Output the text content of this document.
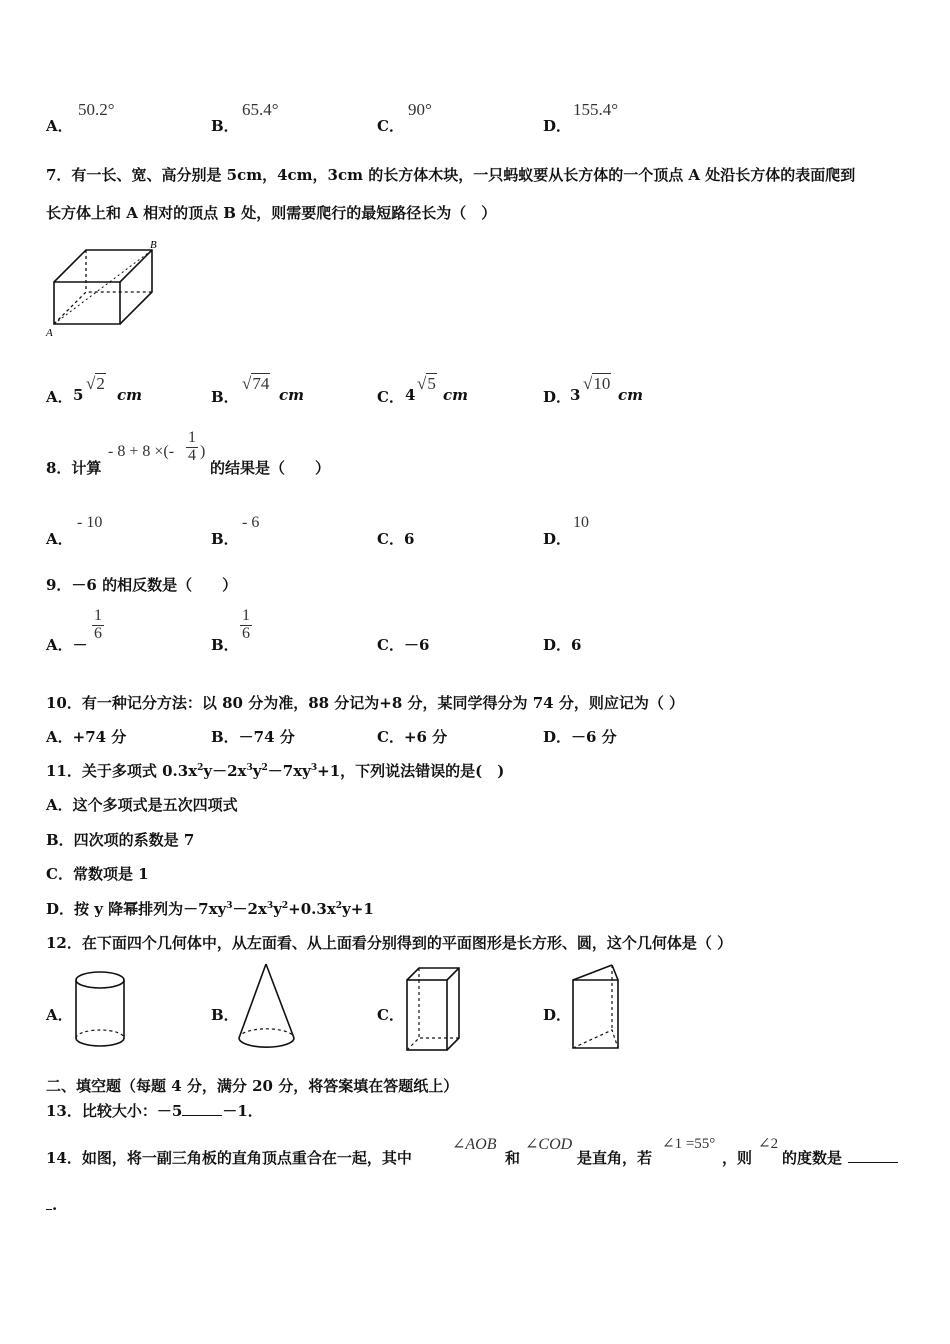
A．
50.2°
B．
65.4°
C．
90°
D．
155.4°
7．有一长、宽、高分别是 5cm，4cm，3cm 的长方体木块，一只蚂蚁要从长方体的一个顶点 A 处沿长方体的表面爬到
长方体上和 A 相对的顶点 B 处，则需要爬行的最短路径长为（　）
A
B
A． 5
√2
cm	B．
√74
cm	C． 4
√5
cm	D．
3
√10
cm
8．计算
- 8 + 8 ×(- $\frac{1}{4}$ )
的结果是（　　）
A．
- 10
B．
- 6
C．6	D．
10
9．－6 的相反数是（　　）
A．－
$\frac{1}{6}$
B．
$\frac{1}{6}$
C．－6	D．6
10．有一种记分方法：以 80 分为准，88 分记为+8 分，某同学得分为 74 分，则应记为（ ）
A．+74 分	B．－74 分	C．+6 分	D．－6 分
11．关于多项式 $0.3x^2y-2x^3y^2-7xy^3+1$，下列说法错误的是(　)
A．这个多项式是五次四项式
B．四次项的系数是 7
C．常数项是 1
D．按 y 降幂排列为$-7xy^3-2x^3y^2+0.3x^2y+1$
12．在下面四个几何体中，从左面看、从上面看分别得到的平面图形是长方形、圆，这个几何体是（ ）
A．	B．	C．	D．
二、填空题（每题 4 分，满分 20 分，将答案填在答题纸上）
13．比较大小：－5	－1．
14．如图，将一副三角板的直角顶点重合在一起，其中
∠AOB
和
∠COD
是直角，若
∠1 =55°
，则
∠2
的度数是
.
